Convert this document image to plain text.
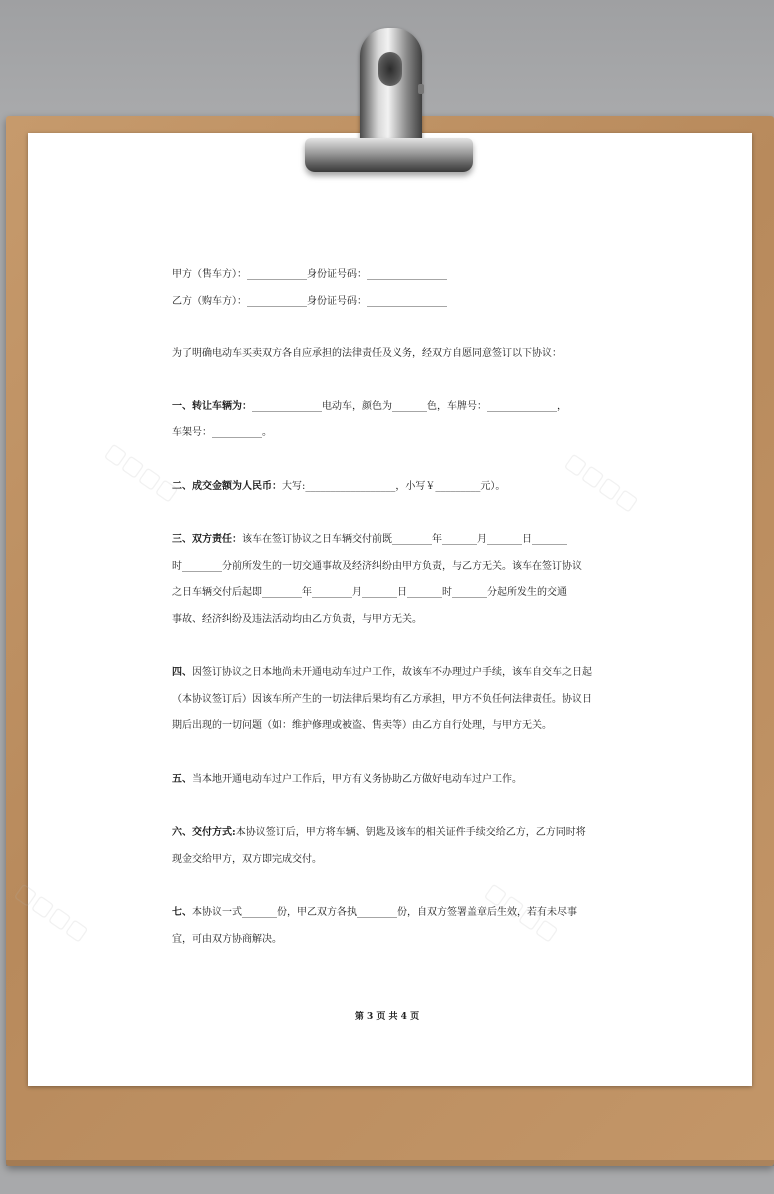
▢▢▢▢	▢▢▢▢
▢▢▢▢	▢▢▢▢

甲方（售车方）：____________身份证号码：________________

乙方（购车方）：____________身份证号码：________________

为了明确电动车买卖双方各自应承担的法律责任及义务，经双方自愿同意签订以下协议：

一、转让车辆为：______________电动车，颜色为_______色，车牌号：______________，

车架号：__________。

二、成交金额为人民币：大写:__________________，小写￥_________元）。

三、双方责任：该车在签订协议之日车辆交付前既________年_______月_______日_______

时________分前所发生的一切交通事故及经济纠纷由甲方负责，与乙方无关。该车在签订协议

之日车辆交付后起即________年________月_______日_______时_______分起所发生的交通

事故、经济纠纷及违法活动均由乙方负责，与甲方无关。

四、因签订协议之日本地尚未开通电动车过户工作，故该车不办理过户手续，该车自交车之日起

（本协议签订后）因该车所产生的一切法律后果均有乙方承担，甲方不负任何法律责任。协议日

期后出现的一切问题（如：维护修理或被盗、售卖等）由乙方自行处理，与甲方无关。

五、当本地开通电动车过户工作后，甲方有义务协助乙方做好电动车过户工作。

六、交付方式:本协议签订后，甲方将车辆、钥匙及该车的相关证件手续交给乙方，乙方同时将

现金交给甲方，双方即完成交付。

七、本协议一式_______份，甲乙双方各执________份，自双方签署盖章后生效，若有未尽事

宜，可由双方协商解决。

第 3 页 共 4 页
